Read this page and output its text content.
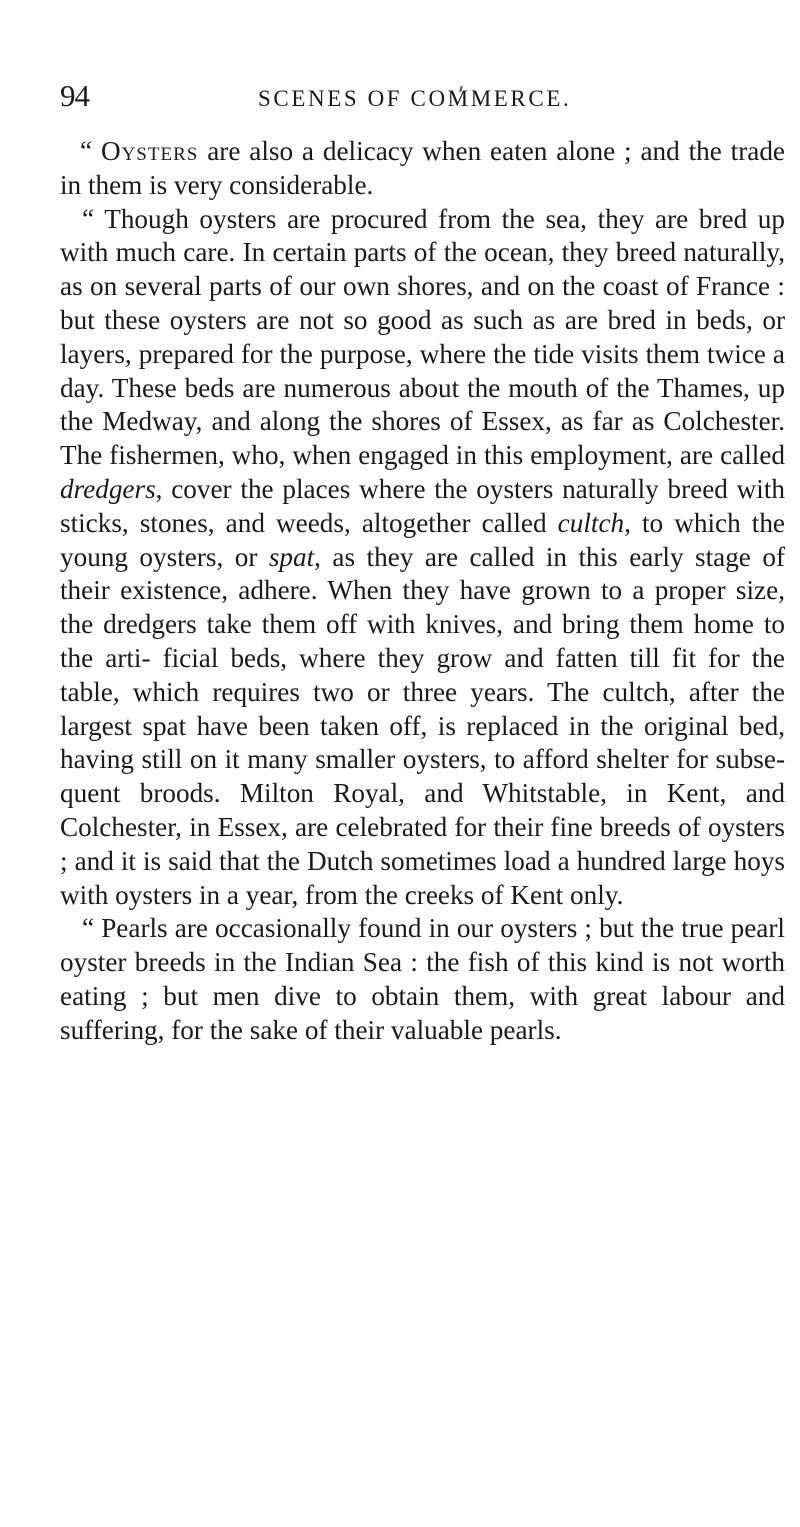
94	SCENES OF COMMERCE.

“ Oysters are also a delicacy when eaten alone ; and the trade in them is very considerable.

“ Though oysters are procured from the sea, they are bred up with much care. In certain parts of the ocean, they breed naturally, as on several parts of our own shores, and on the coast of France : but these oysters are not so good as such as are bred in beds, or layers, prepared for the purpose, where the tide visits them twice a day. These beds are numerous about the mouth of the Thames, up the Medway, and along the shores of Essex, as far as Colchester. The fishermen, who, when engaged in this employment, are called dredgers, cover the places where the oysters naturally breed with sticks, stones, and weeds, altogether called cultch, to which the young oysters, or spat, as they are called in this early stage of their existence, adhere. When they have grown to a proper size, the dredgers take them off with knives, and bring them home to the arti- ficial beds, where they grow and fatten till fit for the table, which requires two or three years. The cultch, after the largest spat have been taken off, is replaced in the original bed, having still on it many smaller oysters, to afford shelter for subse- quent broods. Milton Royal, and Whitstable, in Kent, and Colchester, in Essex, are celebrated for their fine breeds of oysters ; and it is said that the Dutch sometimes load a hundred large hoys with oysters in a year, from the creeks of Kent only.

“ Pearls are occasionally found in our oysters ; but the true pearl oyster breeds in the Indian Sea : the fish of this kind is not worth eating ; but men dive to obtain them, with great labour and suffering, for the sake of their valuable pearls.
